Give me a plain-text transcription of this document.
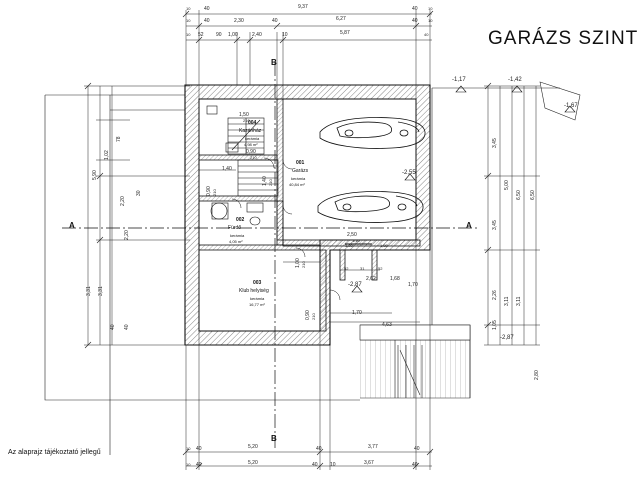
GARÁZS SZINT
Az alaprajz tájékoztató jellegű
A	A
B
B
004
Kazánház
kerámia
4,98 m²
001
Garázs
kerámia
40,84 m²
002
Fürdő
kerámia
4,05 m²
003
Klub helyiség
kerámia
16,77 m²
1,50
210
0,90
210
1,40 210
0,90 210
1,00 210
0,90 210
2,50
210
-1,17	-1,42
-1,67
-2,55
-2,87
-2,87
10	40	9,37	40	10
10	40	2,30	40	6,27	40	10
10 52 90 1,00	2,40	10	5,87	40
10 40	5,20	40	3,77	40
10 40	5,20	40 10	3,67	40
5,90
1,02
78
3,31 3,31
40 40
2,20
30
3,45
3,45
5,00
6,50 6,50
2,26
3,11 3,11
1,05
2,80
1,40
2,20
2,62	1,68
1,70
1,70
4,63
1,20	1,80
52	31	52
